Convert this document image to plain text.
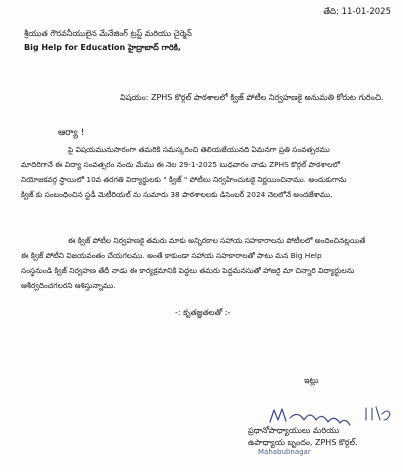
తేది: 11-01-2025
శ్రీయుత గౌరవనీయులైన మేనేజింగ్ ట్రస్ట్ మరియు చైర్మెన్
Big Help for Education హైద్రాబాద్ గారికి,
విషయం: ZPHS కొర్గల్ పాఠశాలలో క్విజ్ పోటీల నిర్వహణకై అనుమతి కోరుట గురించి.
ఆర్యా !
పై విషయమునుసారంగా తమరికి సమస్కరించి తెలియజేయునది ఏమనగా ప్రతి సంవత్సరము
మాదిరిగానే ఈ విద్యా సంవత్సరం నందు మేము ఈ నెల 29-1-2025 బుధవారం నాడు ZPHS కొర్గల్ పాఠశాలలో
నియోజకవర్గ స్థాయిలో 10వ తరగతి విద్యార్థులకు " క్విజ్ " పోటీలు నిర్వహించుటకై నిర్ణయించినాము. అందుకుగాను
క్విజ్ కు సంబంధించిన స్టడీ మెటీరియల్ ను సుమారు 38 పాఠశాలలకు డిసెంబర్ 2024 నెలలోనే అందజేశాము.
ఈ క్విజ్ పోటీల నిర్వహణకై తమరు మాకు అన్నిరకాల సహాయ సహకారాలను పోటీలలో అందించినట్లయితే
ఈ క్విజ్ పోటీని విజయవంతం చేయగలము. అంతే కాకుండా సహాయ సహకారాలతో పాటు మన Big Help
సంస్థనుండి క్విజ్ నిర్వహణ తేదీ నాడు ఈ కార్యక్రమానికి పెద్దలు తమరు పెద్దమనసుతో హాజరై మా చిన్నారి విద్యార్థులను
ఆశీర్వదించగలరని ఆశిస్తున్నాము.
-: కృతజ్ఞతలతో :-
ఇట్లు
ప్రధానోపాధ్యాయులు మరియు
ఉపాధ్యాయ బృందం, ZPHS కొర్గల్.
Mahabubnagar
